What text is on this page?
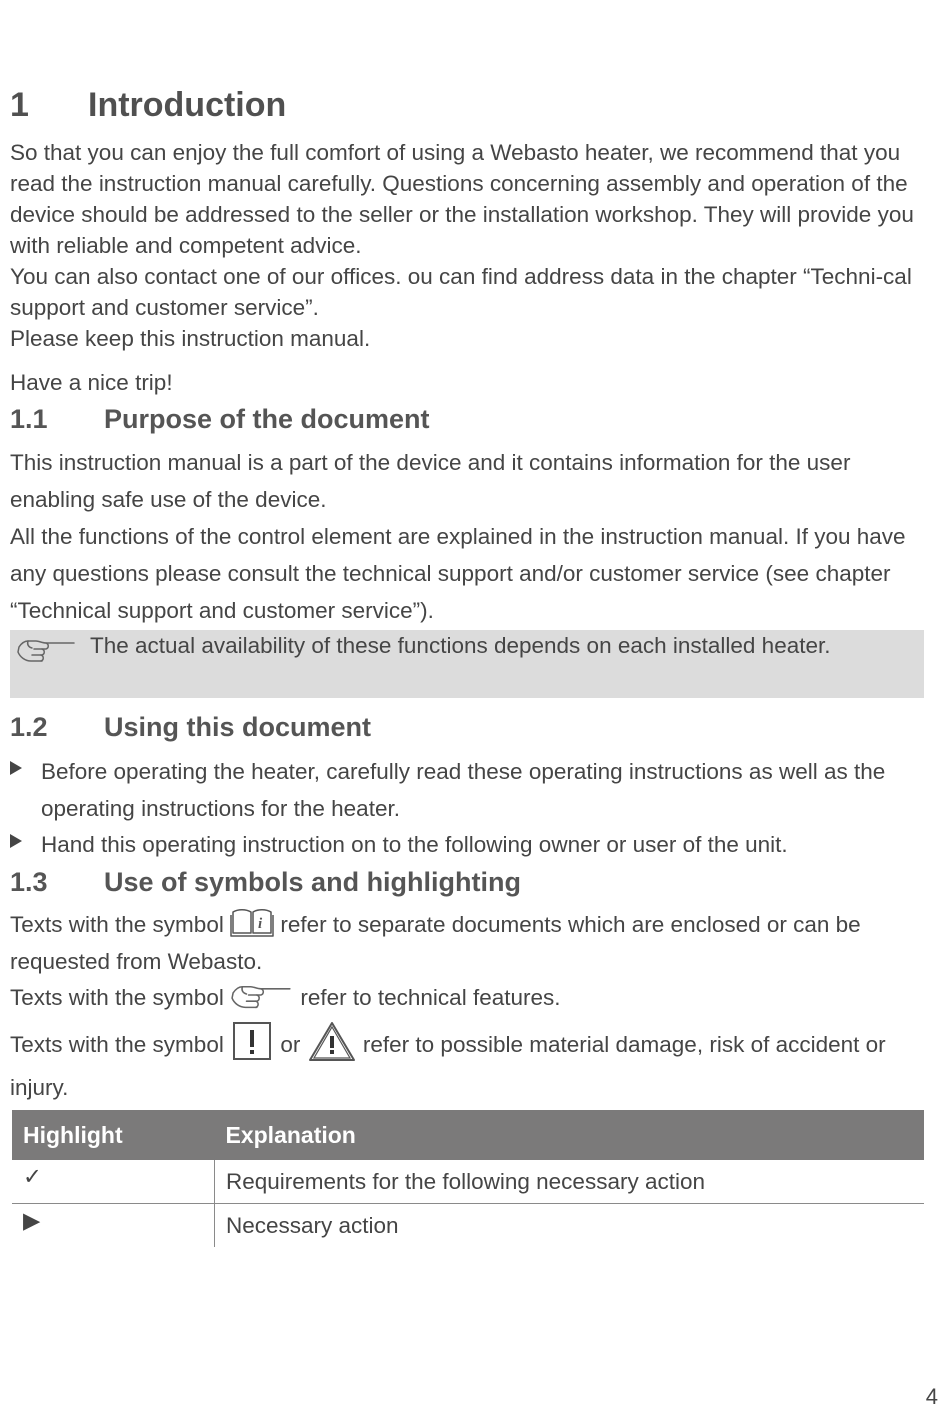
1 Introduction

So that you can enjoy the full comfort of using a Webasto heater, we recommend that you read the instruction manual carefully. Questions concerning assembly and operation of the device should be addressed to the seller or the installation workshop. They will provide you with reliable and competent advice.

You can also contact one of our offices. ou can find address data in the chapter “Techni-cal support and customer service”.

Please keep this instruction manual.

Have a nice trip!

1.1 Purpose of the document

This instruction manual is a part of the device and it contains information for the user enabling safe use of the device.

All the functions of the control element are explained in the instruction manual. If you have any questions please consult the technical support and/or customer service (see chapter “Technical support and customer service”).

The actual availability of these functions depends on each installed heater.

1.2 Using this document

Before operating the heater, carefully read these operating instructions as well as the operating instructions for the heater.

Hand this operating instruction on to the following owner or user of the unit.

1.3 Use of symbols and highlighting

Texts with the symbol i refer to separate documents which are enclosed or can be requested from Webasto.

Texts with the symbol	refer to technical features.

Texts with the symbol	or	refer to possible material damage, risk of accident or injury.

Highlight	Explanation
✓	Requirements for the following necessary action
▶	Necessary action
4
